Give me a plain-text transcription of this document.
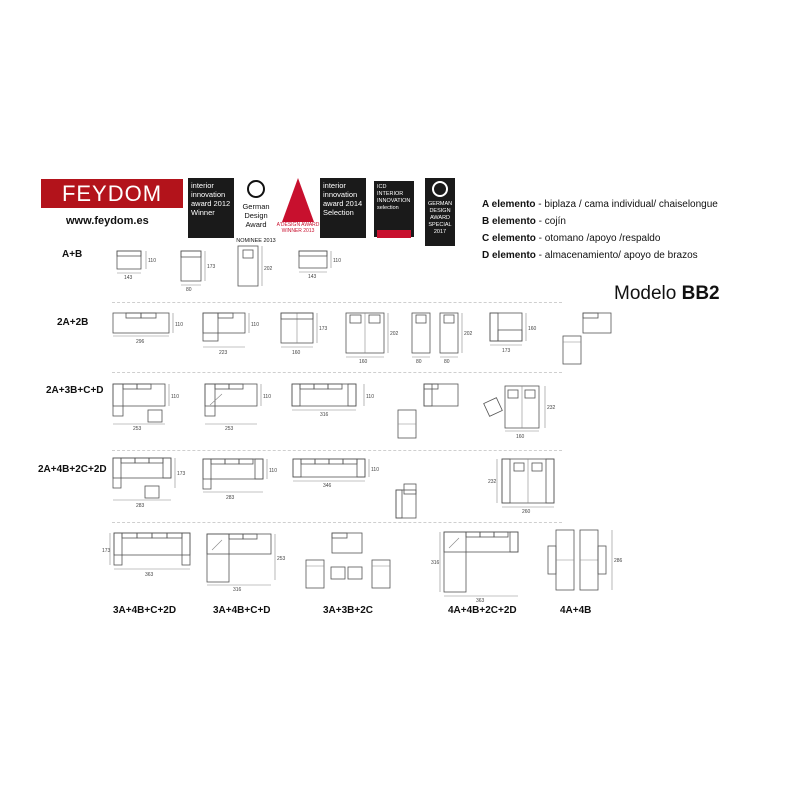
FEYDOM
www.feydom.es
interior innovation award 2012
Winner
German Design Award
NOMINEE 2013
A'DESIGN AWARD WINNER 2013
interior innovation award 2014
Selection
ICD INTERIOR INNOVATION selection
GERMAN DESIGN AWARD SPECIAL 2017
A elemento - biplaza / cama individual/ chaiselongue
B elemento - cojín
C elemento - otomano /apoyo /respaldo
D elemento - almacenamiento/ apoyo de brazos
Modelo BB2
A+B
2A+2B
2A+3B+C+D
2A+4B+2C+2D
143
110
80
173	202
143
110
296
110
223
110
160
173
160
202
80	80
202
173
160
253
110
253
110
316
110
160
232
283
173
283
110
346
110
232
260
173
363
316
253
316
363
286
3A+4B+C+2D	3A+4B+C+D	3A+3B+2C	4A+4B+2C+2D	4A+4B
